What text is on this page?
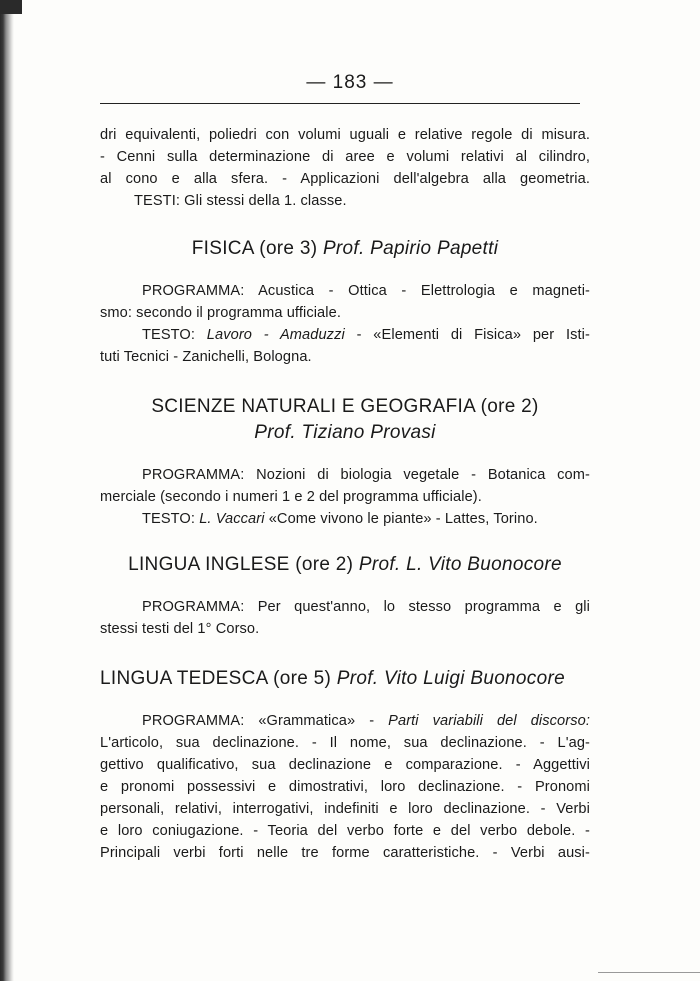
— 183 —
dri equivalenti, poliedri con volumi uguali e relative regole di misura.
- Cenni sulla determinazione di aree e volumi relativi al cilindro,
al cono e alla sfera. - Applicazioni dell'algebra alla geometria.
TESTI: Gli stessi della 1. classe.
FISICA (ore 3) Prof. Papirio Papetti
PROGRAMMA: Acustica - Ottica - Elettrologia e magneti-
smo: secondo il programma ufficiale.
TESTO: Lavoro - Amaduzzi - «Elementi di Fisica» per Isti-
tuti Tecnici - Zanichelli, Bologna.
SCIENZE NATURALI E GEOGRAFIA (ore 2)
Prof. Tiziano Provasi
PROGRAMMA: Nozioni di biologia vegetale - Botanica com-
merciale (secondo i numeri 1 e 2 del programma ufficiale).
TESTO: L. Vaccari «Come vivono le piante» - Lattes, Torino.
LINGUA INGLESE (ore 2) Prof. L. Vito Buonocore
PROGRAMMA: Per quest'anno, lo stesso programma e gli
stessi testi del 1° Corso.
LINGUA TEDESCA (ore 5) Prof. Vito Luigi Buonocore
PROGRAMMA: «Grammatica» - Parti variabili del discorso:
L'articolo, sua declinazione. - Il nome, sua declinazione. - L'ag-
gettivo qualificativo, sua declinazione e comparazione. - Aggettivi
e pronomi possessivi e dimostrativi, loro declinazione. - Pronomi
personali, relativi, interrogativi, indefiniti e loro declinazione. - Verbi
e loro coniugazione. - Teoria del verbo forte e del verbo debole. -
Principali verbi forti nelle tre forme caratteristiche. - Verbi ausi-
